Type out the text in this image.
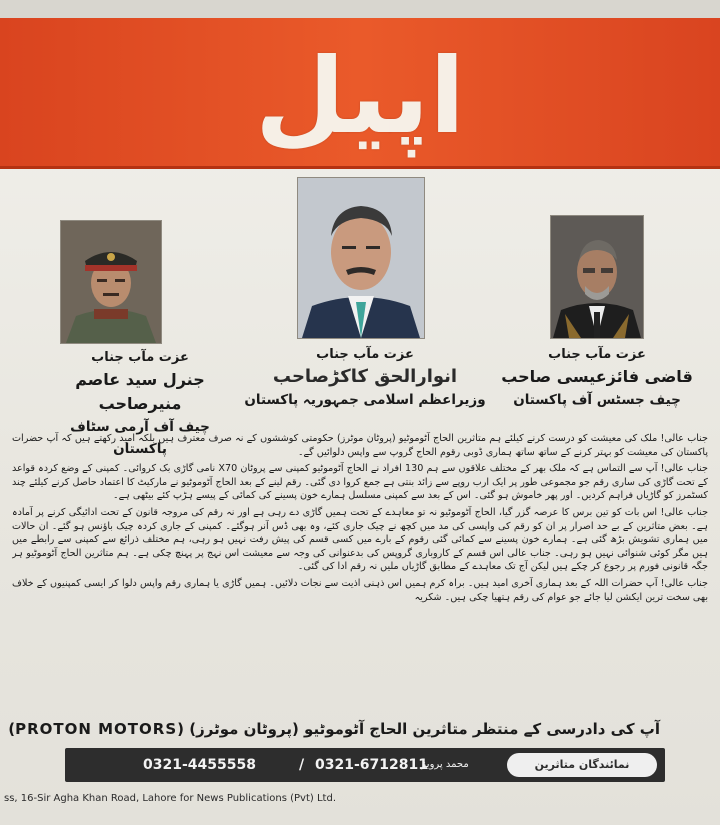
اپیل
عزت مآب جناب
جنرل سید عاصم منیرصاحب
چیف آف آرمی سٹاف پاکستان
عزت مآب جناب
انوارالحق کاکڑصاحب
وزیراعظم اسلامی جمہوریہ پاکستان
عزت مآب جناب
قاضی فائزعیسی صاحب
چیف جسٹس آف پاکستان

جناب عالی! ملک کی معیشت کو درست کرنے کیلئے ہم متاثرین الحاج آٹوموٹیو (پروٹان موٹرز) حکومتی کوششوں کے نہ صرف معترف ہیں بلکہ امید رکھتے ہیں کہ آپ حضرات پاکستان کی معیشت کو بہتر کرنے کے ساتھ ساتھ ہماری ڈوبی رقوم الحاج گروپ سے واپس دلوائیں گے۔

جناب عالی! آپ سے التماس ہے کہ ملک بھر کے مختلف علاقوں سے ہم 130 افراد نے الحاج آٹوموٹیو کمپنی سے پروٹان X70 نامی گاڑی بک کروائی۔ کمپنی کے وضع کردہ قواعد کے تحت گاڑی کی ساری رقم جو مجموعی طور پر ایک ارب روپے سے زائد بنتی ہے جمع کروا دی گئی۔ رقم لینے کے بعد الحاج آٹوموٹیو نے مارکیٹ کا اعتماد حاصل کرنے کیلئے چند کسٹمرز کو گاڑیاں فراہم کردیں۔ اور پھر خاموش ہو گئی۔ اس کے بعد سے کمپنی مسلسل ہمارے خون پسینے کی کمائی کے پیسے ہڑپ کئے بیٹھی ہے۔

جناب عالی! اس بات کو تین برس کا عرصہ گزر گیا، الحاج آٹوموٹیو نہ تو معاہدے کے تحت ہمیں گاڑی دے رہی ہے اور نہ رقم کی مروجہ قانون کے تحت ادائیگی کرنے پر آمادہ ہے۔ بعض متاثرین کے بے حد اصرار پر ان کو رقم کی واپسی کی مد میں کچھ نے چیک جاری کئے، وہ بھی ڈس آنر ہوگئے۔ کمپنی کے جاری کردہ چیک باؤنس ہو گئے۔ ان حالات میں ہماری تشویش بڑھ گئی ہے۔ ہمارے خون پسینے سے کمائی گئی رقوم کے بارے میں کسی قسم کی پیش رفت نہیں ہو رہی، ہم مختلف ذرائع سے کمپنی سے رابطے میں ہیں مگر کوئی شنوائی نہیں ہو رہی۔ جناب عالی اس قسم کے کاروباری گروپس کی بدعنوانی کی وجہ سے معیشت اس نہج پر پہنچ چکی ہے۔ ہم متاثرین الحاج آٹوموٹیو ہر جگہ قانونی فورم پر رجوع کر چکے ہیں لیکن آج تک معاہدے کے مطابق گاڑیاں ملیں نہ رقم ادا کی گئی۔

جناب عالی! آپ حضرات اللہ کے بعد ہماری آخری امید ہیں۔ براہ کرم ہمیں اس ذہنی اذیت سے نجات دلائیں۔ ہمیں گاڑی یا ہماری رقم واپس دلوا کر ایسی کمپنیوں کے خلاف بھی سخت ترین ایکشن لیا جائے جو عوام کی رقم ہتھیا چکی ہیں۔ شکریہ

آپ کی دادرسی کے منتظر متاثرین الحاج آٹوموٹیو (پروٹان موٹرز) (PROTON MOTORS)
نمائندگان متاثرین
محمد پرویز
0321-6712811
/
0321-4455558
ss, 16-Sir Agha Khan Road, Lahore for News Publications (Pvt) Ltd.
